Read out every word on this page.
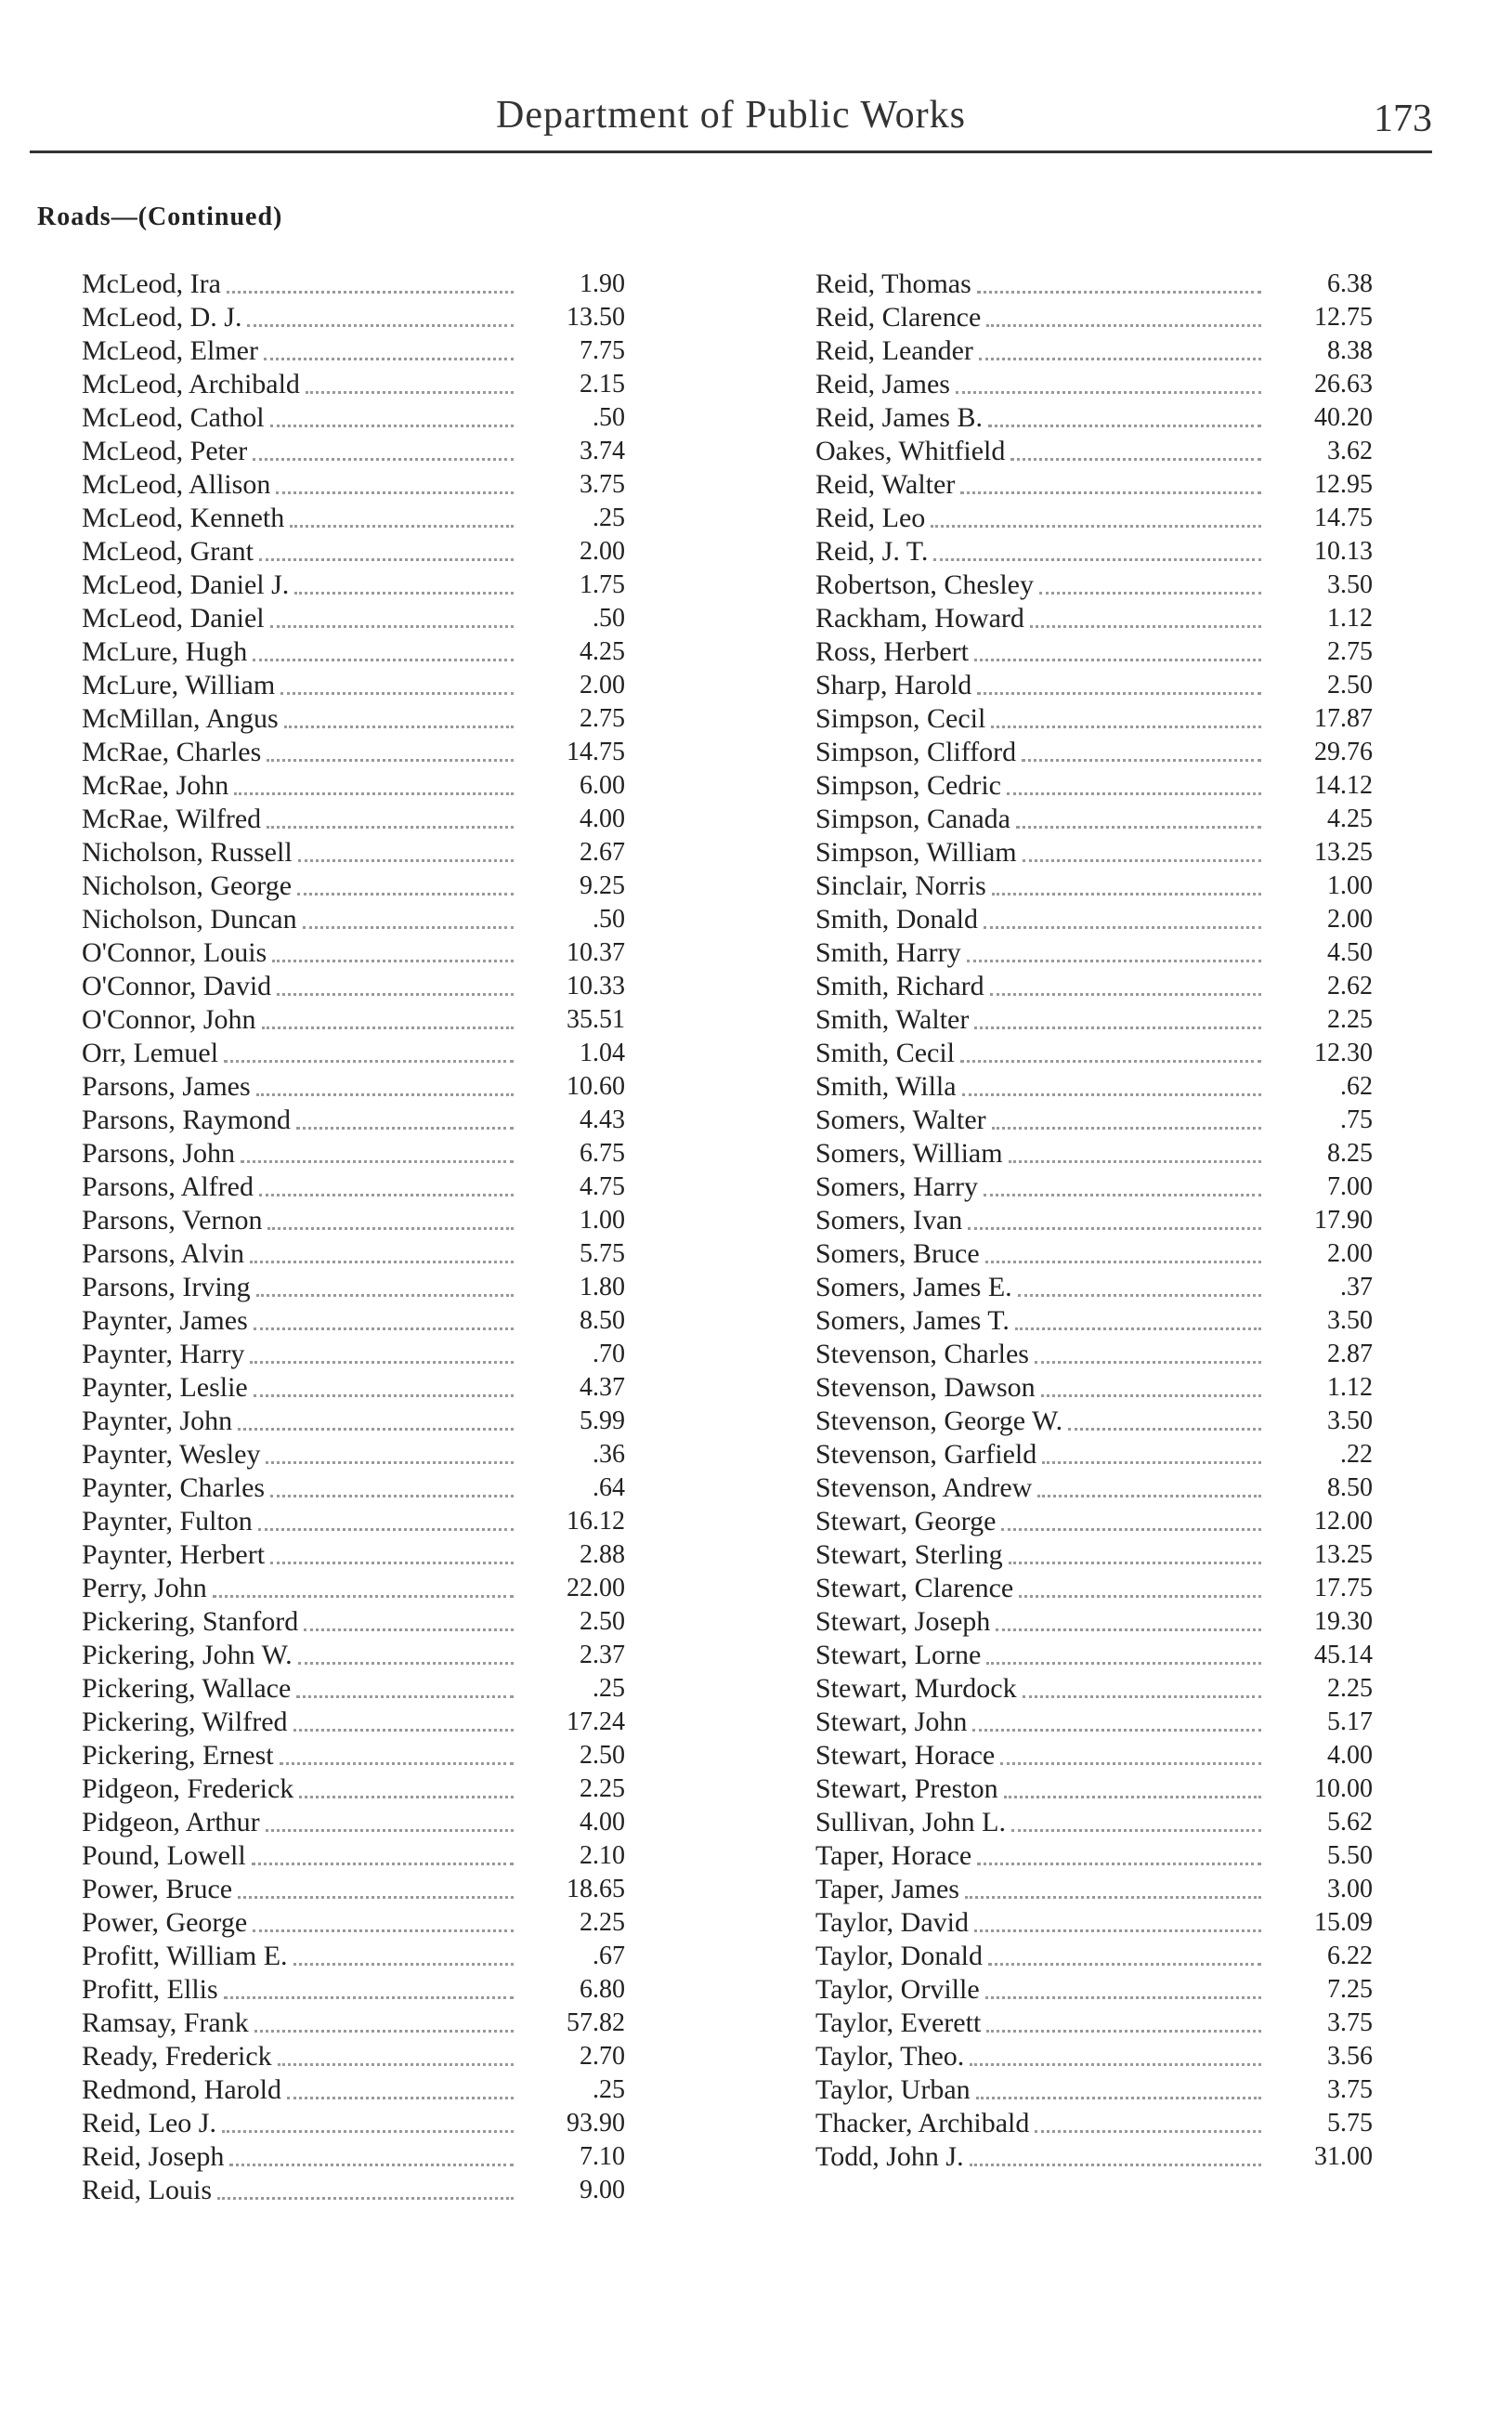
Department of Public Works	173
Roads—(Continued)
McLeod, Ira	1.90
McLeod, D. J.	13.50
McLeod, Elmer	7.75
McLeod, Archibald	2.15
McLeod, Cathol	.50
McLeod, Peter	3.74
McLeod, Allison	3.75
McLeod, Kenneth	.25
McLeod, Grant	2.00
McLeod, Daniel J.	1.75
McLeod, Daniel	.50
McLure, Hugh	4.25
McLure, William	2.00
McMillan, Angus	2.75
McRae, Charles	14.75
McRae, John	6.00
McRae, Wilfred	4.00
Nicholson, Russell	2.67
Nicholson, George	9.25
Nicholson, Duncan	.50
O'Connor, Louis	10.37
O'Connor, David	10.33
O'Connor, John	35.51
Orr, Lemuel	1.04
Parsons, James	10.60
Parsons, Raymond	4.43
Parsons, John	6.75
Parsons, Alfred	4.75
Parsons, Vernon	1.00
Parsons, Alvin	5.75
Parsons, Irving	1.80
Paynter, James	8.50
Paynter, Harry	.70
Paynter, Leslie	4.37
Paynter, John	5.99
Paynter, Wesley	.36
Paynter, Charles	.64
Paynter, Fulton	16.12
Paynter, Herbert	2.88
Perry, John	22.00
Pickering, Stanford	2.50
Pickering, John W.	2.37
Pickering, Wallace	.25
Pickering, Wilfred	17.24
Pickering, Ernest	2.50
Pidgeon, Frederick	2.25
Pidgeon, Arthur	4.00
Pound, Lowell	2.10
Power, Bruce	18.65
Power, George	2.25
Profitt, William E.	.67
Profitt, Ellis	6.80
Ramsay, Frank	57.82
Ready, Frederick	2.70
Redmond, Harold	.25
Reid, Leo J.	93.90
Reid, Joseph	7.10
Reid, Louis	9.00
Reid, Thomas	6.38
Reid, Clarence	12.75
Reid, Leander	8.38
Reid, James	26.63
Reid, James B.	40.20
Oakes, Whitfield	3.62
Reid, Walter	12.95
Reid, Leo	14.75
Reid, J. T.	10.13
Robertson, Chesley	3.50
Rackham, Howard	1.12
Ross, Herbert	2.75
Sharp, Harold	2.50
Simpson, Cecil	17.87
Simpson, Clifford	29.76
Simpson, Cedric	14.12
Simpson, Canada	4.25
Simpson, William	13.25
Sinclair, Norris	1.00
Smith, Donald	2.00
Smith, Harry	4.50
Smith, Richard	2.62
Smith, Walter	2.25
Smith, Cecil	12.30
Smith, Willa	.62
Somers, Walter	.75
Somers, William	8.25
Somers, Harry	7.00
Somers, Ivan	17.90
Somers, Bruce	2.00
Somers, James E.	.37
Somers, James T.	3.50
Stevenson, Charles	2.87
Stevenson, Dawson	1.12
Stevenson, George W.	3.50
Stevenson, Garfield	.22
Stevenson, Andrew	8.50
Stewart, George	12.00
Stewart, Sterling	13.25
Stewart, Clarence	17.75
Stewart, Joseph	19.30
Stewart, Lorne	45.14
Stewart, Murdock	2.25
Stewart, John	5.17
Stewart, Horace	4.00
Stewart, Preston	10.00
Sullivan, John L.	5.62
Taper, Horace	5.50
Taper, James	3.00
Taylor, David	15.09
Taylor, Donald	6.22
Taylor, Orville	7.25
Taylor, Everett	3.75
Taylor, Theo.	3.56
Taylor, Urban	3.75
Thacker, Archibald	5.75
Todd, John J.	31.00
